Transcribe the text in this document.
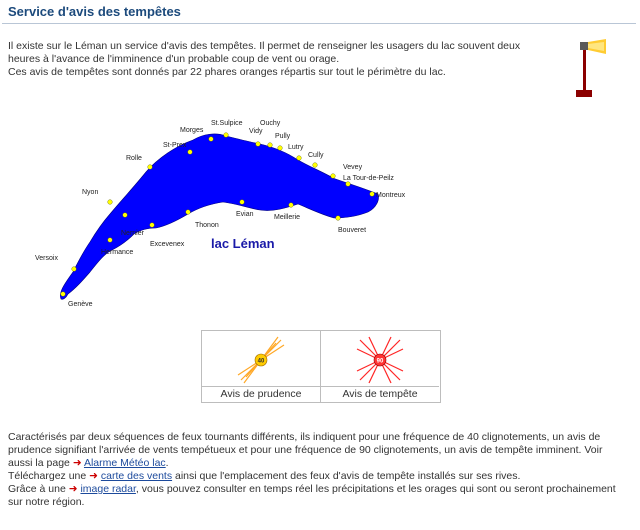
Service d'avis des tempêtes

Il existe sur le Léman un service d'avis des tempêtes. Il permet de renseigner les usagers du lac souvent deux heures à l'avance de l'imminence d'un probable coup de vent ou orage.

Ces avis de tempêtes sont donnés par 22 phares oranges répartis sur tout le périmètre du lac.

Morges
St.Sulpice Ouchy
Vidy
Pully
Lutry
St-Prex
Cully
Rolle
Vevey
La Tour-de-Peilz
Nyon	Montreux
Thonon
Evian	Meillerie
Nernier
Excevenex
Hermance
Bouveret
Versoix
Genève
lac Léman
40
Avis de prudence
90
Avis de tempête

Caractérisés par deux séquences de feux tournants différents, ils indiquent pour une fréquence de 40 clignotements, un avis de prudence signifiant l'arrivée de vents tempétueux et pour une fréquence de 90 clignotements, un avis de tempête imminent. Voir aussi la page ➜ Alarme Météo lac.

Téléchargez une ➜ carte des vents ainsi que l'emplacement des feux d'avis de tempête installés sur ses rives.

Grâce à une ➜ image radar, vous pouvez consulter en temps réel les précipitations et les orages qui sont ou seront prochainement sur notre région.
